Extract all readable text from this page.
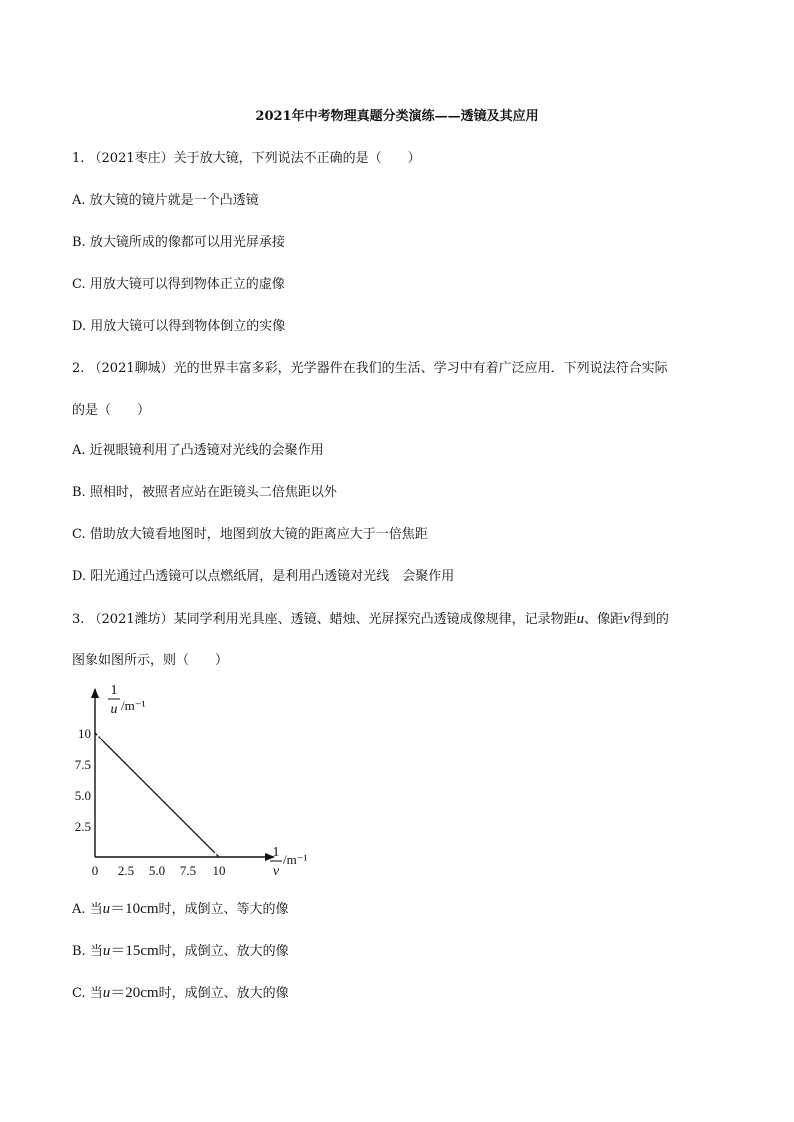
2021年中考物理真题分类演练——透镜及其应用
1. （2021枣庄）关于放大镜，下列说法不正确的是（　　）
A. 放大镜的镜片就是一个凸透镜
B. 放大镜所成的像都可以用光屏承接
C. 用放大镜可以得到物体正立的虚像
D. 用放大镜可以得到物体倒立的实像
2. （2021聊城）光的世界丰富多彩，光学器件在我们的生活、学习中有着广泛应用．下列说法符合实际
的是（　　）
A. 近视眼镜利用了凸透镜对光线的会聚作用
B. 照相时，被照者应站在距镜头二倍焦距以外
C. 借助放大镜看地图时，地图到放大镜的距离应大于一倍焦距
D. 阳光通过凸透镜可以点燃纸屑，是利用凸透镜对光线　会聚作用
3. （2021潍坊）某同学利用光具座、透镜、蜡烛、光屏探究凸透镜成像规律，记录物距u、像距v得到的
图象如图所示，则（　　）
1
u /m⁻¹
1
v
/m⁻¹
0 2.5 5.0 7.5 10
2.5
5.0
7.5
10
A. 当u＝10cm时，成倒立、等大的像
B. 当u＝15cm时，成倒立、放大的像
C. 当u＝20cm时，成倒立、放大的像
